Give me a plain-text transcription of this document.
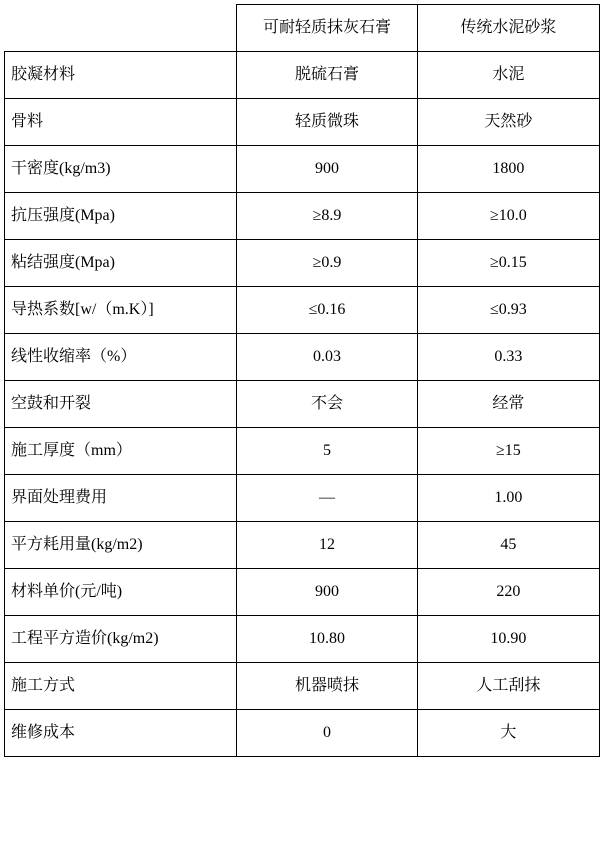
	可耐轻质抹灰石膏	传统水泥砂浆
胶凝材料	脱硫石膏	水泥
骨料	轻质微珠	天然砂
干密度(kg/m3)	900	1800
抗压强度(Mpa)	≥8.9	≥10.0
粘结强度(Mpa)	≥0.9	≥0.15
导热系数[w/（m.K）]	≤0.16	≤0.93
线性收缩率（%）	0.03	0.33
空鼓和开裂	不会	经常
施工厚度（mm）	5	≥15
界面处理费用	—	1.00
平方耗用量(kg/m2)	12	45
材料单价(元/吨)	900	220
工程平方造价(kg/m2)	10.80	10.90
施工方式	机器喷抹	人工刮抹
维修成本	0	大
